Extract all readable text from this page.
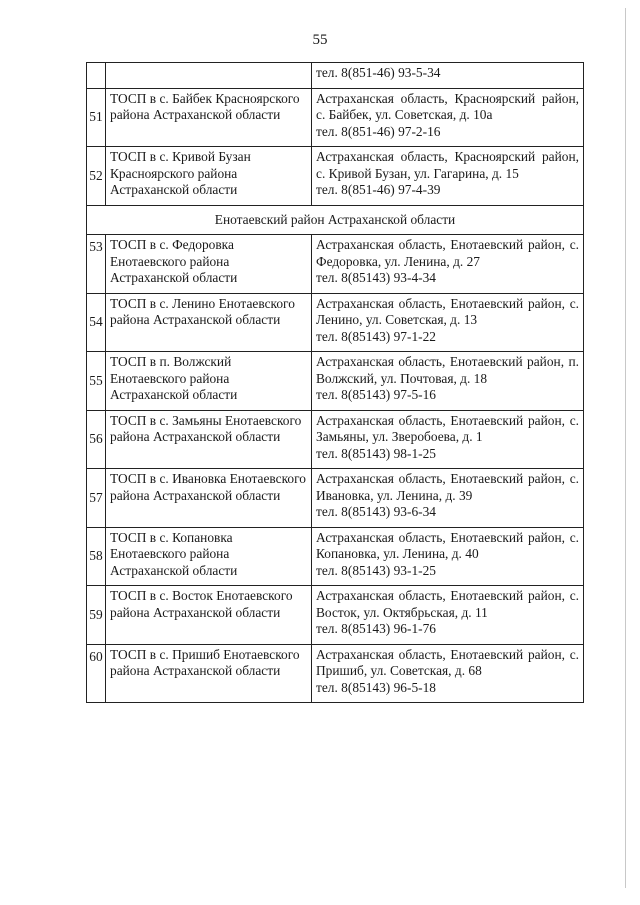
55
		тел. 8(851-46) 93-5-34
51	ТОСП в с. Байбек Красноярского района Астраханской области	Астраханская область, Красноярский район, с. Байбек, ул. Советская, д. 10а
тел. 8(851-46) 97-2-16

52	ТОСП в с. Кривой Бузан Красноярского района Астраханской области	Астраханская область, Красноярский район, с. Кривой Бузан, ул. Гагарина, д. 15
тел. 8(851-46) 97-4-39

Енотаевский район Астраханской области		
53	ТОСП в с. Федоровка Енотаевского района Астраханской области	Астраханская область, Енотаевский район, с. Федоровка, ул. Ленина, д. 27
тел. 8(85143) 93-4-34

54	ТОСП в с. Ленино Енотаевского района Астраханской области	Астраханская область, Енотаевский район, с. Ленино, ул. Советская, д. 13
тел. 8(85143) 97-1-22

55	ТОСП в п. Волжский Енотаевского района Астраханской области	Астраханская область, Енотаевский район, п. Волжский, ул. Почтовая, д. 18
тел. 8(85143) 97-5-16

56	ТОСП в с. Замьяны Енотаевского района Астраханской области	Астраханская область, Енотаевский район, с. Замьяны, ул. Зверобоева, д. 1
тел. 8(85143) 98-1-25

57	ТОСП в с. Ивановка Енотаевского района Астраханской области	Астраханская область, Енотаевский район, с. Ивановка, ул. Ленина, д. 39
тел. 8(85143) 93-6-34

58	ТОСП в с. Копановка Енотаевского района Астраханской области	Астраханская область, Енотаевский район, с. Копановка, ул. Ленина, д. 40
тел. 8(85143) 93-1-25

59	ТОСП в с. Восток Енотаевского района Астраханской области	Астраханская область, Енотаевский район, с. Восток, ул. Октябрьская, д. 11
тел. 8(85143) 96-1-76

60	ТОСП в с. Пришиб Енотаевского района Астраханской области	Астраханская область, Енотаевский район, с. Пришиб, ул. Советская, д. 68
тел. 8(85143) 96-5-18
